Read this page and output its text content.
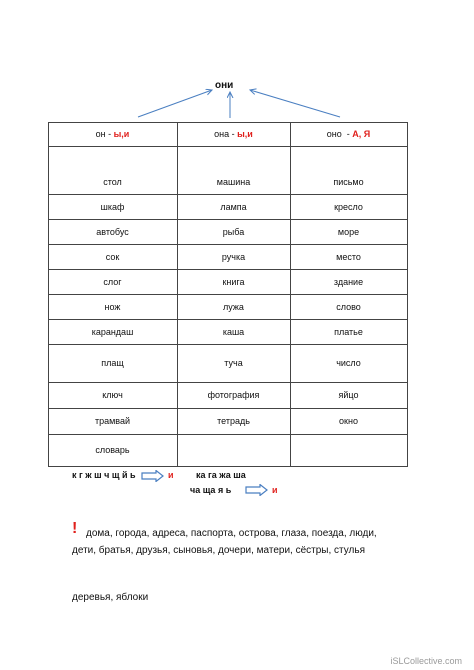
они
он - ы,и	она - ы,и	оно - А, Я
стол	машина	письмо
шкаф	лампа	кресло
автобус	рыба	море
сок	ручка	место
слог	книга	здание
нож	лужа	слово
карандаш	каша	платье
плащ	туча	число
ключ	фотография	яйцо
трамвай	тетрадь	окно
словарь
к г ж ш ч щ й ь	и ка га жа ша
ча ща я ь	и
! дома, города, адреса, паспорта, острова, глаза, поезда, люди,
дети, братья, друзья, сыновья, дочери, матери, сёстры, стулья
деревья, яблоки
iSLCollective.com
